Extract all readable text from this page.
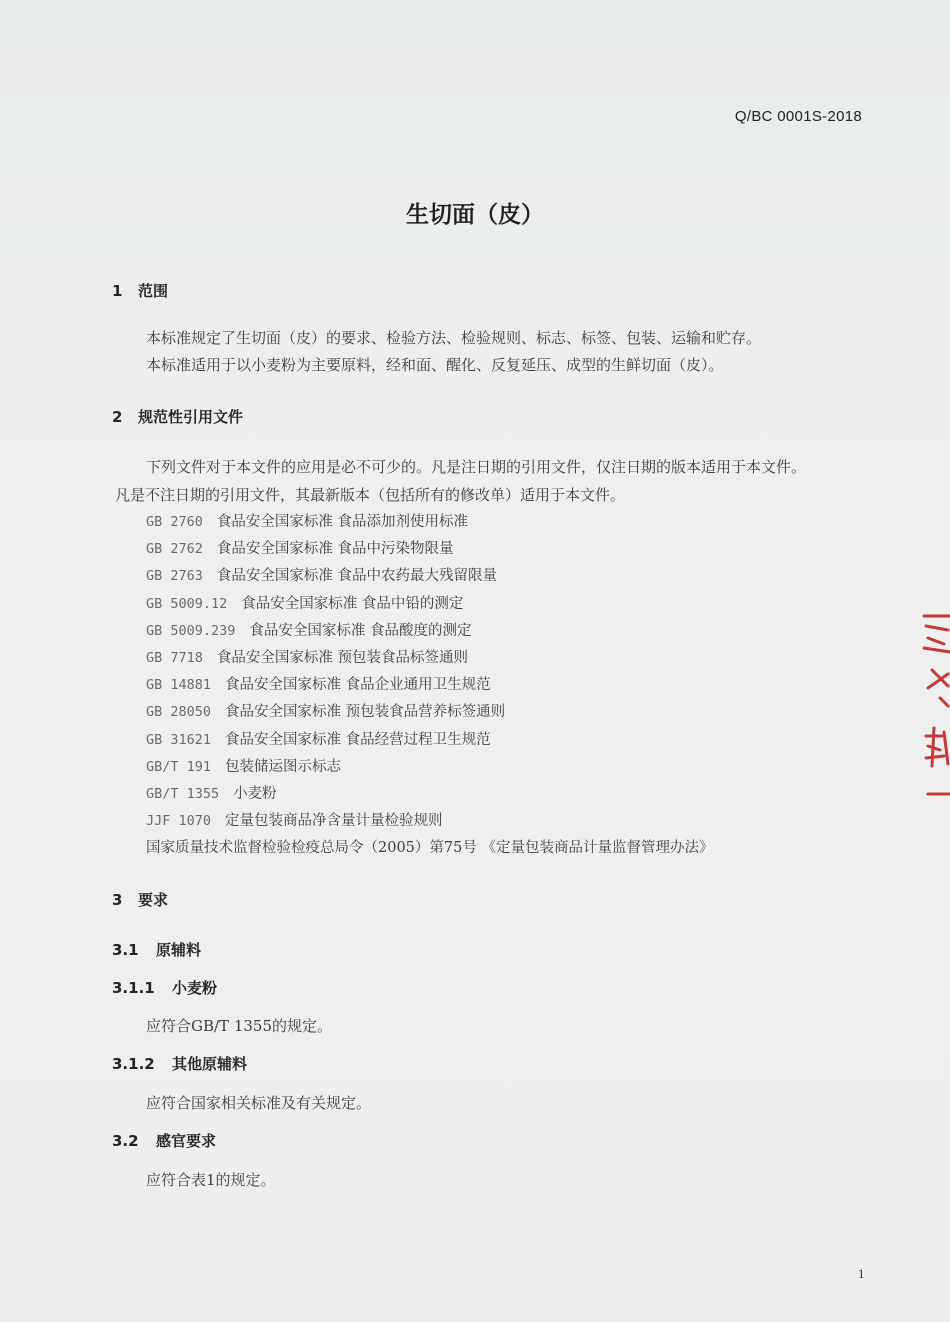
Q/BC 0001S-2018
生切面（皮）
1 范围
本标准规定了生切面（皮）的要求、检验方法、检验规则、标志、标签、包装、运输和贮存。
本标准适用于以小麦粉为主要原料，经和面、醒化、反复延压、成型的生鲜切面（皮）。
2 规范性引用文件
下列文件对于本文件的应用是必不可少的。凡是注日期的引用文件，仅注日期的版本适用于本文件。
凡是不注日期的引用文件，其最新版本（包括所有的修改单）适用于本文件。
GB 2760 食品安全国家标准 食品添加剂使用标准
GB 2762 食品安全国家标准 食品中污染物限量
GB 2763 食品安全国家标准 食品中农药最大残留限量
GB 5009.12 食品安全国家标准 食品中铅的测定
GB 5009.239 食品安全国家标准 食品酸度的测定
GB 7718 食品安全国家标准 预包装食品标签通则
GB 14881 食品安全国家标准 食品企业通用卫生规范
GB 28050 食品安全国家标准 预包装食品营养标签通则
GB 31621 食品安全国家标准 食品经营过程卫生规范
GB/T 191 包装储运图示标志
GB/T 1355 小麦粉
JJF 1070 定量包装商品净含量计量检验规则
国家质量技术监督检验检疫总局令（2005）第75号 《定量包装商品计量监督管理办法》
3 要求
3.1 原辅料
3.1.1 小麦粉
应符合GB/T 1355的规定。
3.1.2 其他原辅料
应符合国家相关标准及有关规定。
3.2 感官要求
应符合表1的规定。
1
